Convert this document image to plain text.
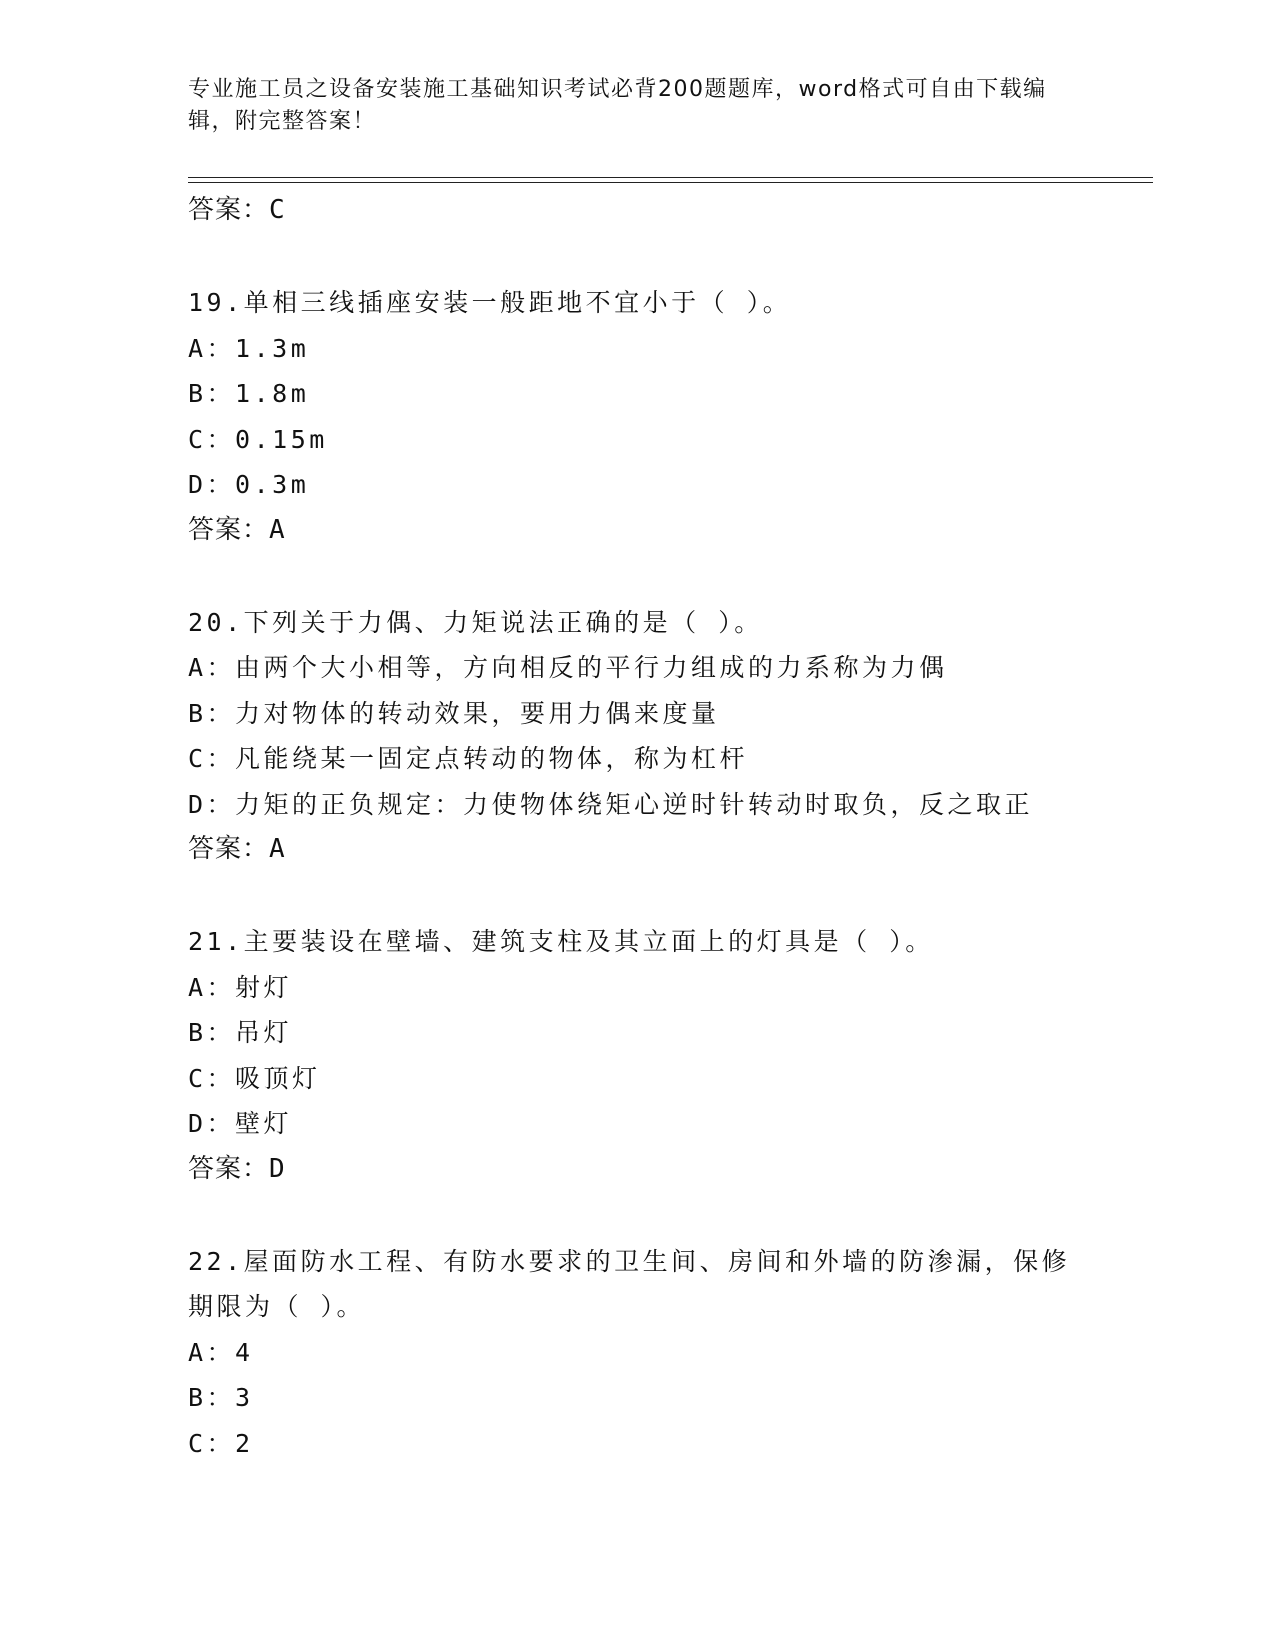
专业施工员之设备安装施工基础知识考试必背200题题库，word格式可自由下载编辑，附完整答案！
答案：C
19.单相三线插座安装一般距地不宜小于（ ）。
A：1.3m
B：1.8m
C：0.15m
D：0.3m
答案：A
20.下列关于力偶、力矩说法正确的是（ ）。
A：由两个大小相等，方向相反的平行力组成的力系称为力偶
B：力对物体的转动效果，要用力偶来度量
C：凡能绕某一固定点转动的物体，称为杠杆
D：力矩的正负规定：力使物体绕矩心逆时针转动时取负，反之取正
答案：A
21.主要装设在壁墙、建筑支柱及其立面上的灯具是（ ）。
A：射灯
B：吊灯
C：吸顶灯
D：壁灯
答案：D
22.屋面防水工程、有防水要求的卫生间、房间和外墙的防渗漏，保修期限为（ ）。
A：4
B：3
C：2
